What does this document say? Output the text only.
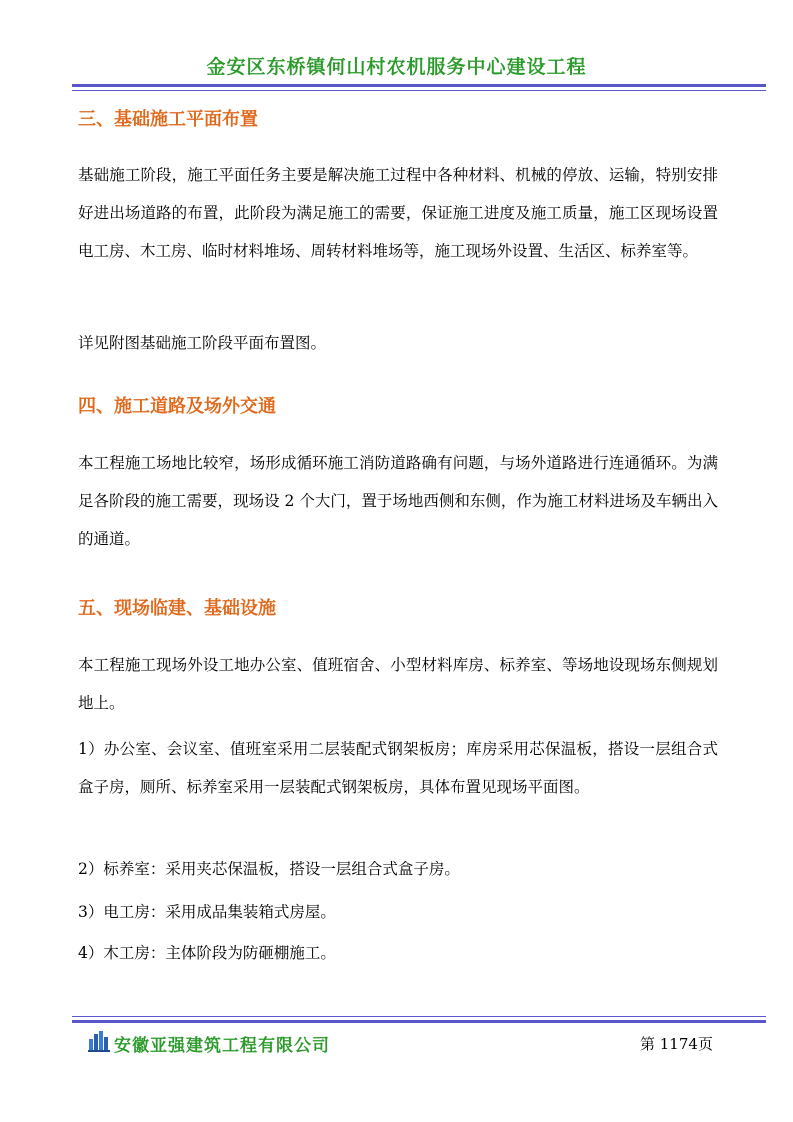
金安区东桥镇何山村农机服务中心建设工程
三、基础施工平面布置

基础施工阶段，施工平面任务主要是解决施工过程中各种材料、机械的停放、运输，特别安排好进出场道路的布置，此阶段为满足施工的需要，保证施工进度及施工质量，施工区现场设置电工房、木工房、临时材料堆场、周转材料堆场等，施工现场外设置、生活区、标养室等。

详见附图基础施工阶段平面布置图。

四、施工道路及场外交通

本工程施工场地比较窄，场形成循环施工消防道路确有问题，与场外道路进行连通循环。为满足各阶段的施工需要，现场设 2 个大门，置于场地西侧和东侧，作为施工材料进场及车辆出入的通道。

五、现场临建、基础设施

本工程施工现场外设工地办公室、值班宿舍、小型材料库房、标养室、等场地设现场东侧规划地上。

1）办公室、会议室、值班室采用二层装配式钢架板房；库房采用芯保温板，搭设一层组合式盒子房，厕所、标养室采用一层装配式钢架板房，具体布置见现场平面图。

2）标养室：采用夹芯保温板，搭设一层组合式盒子房。

3）电工房：采用成品集装箱式房屋。

4）木工房：主体阶段为防砸棚施工。

安徽亚强建筑工程有限公司	第 1174页
